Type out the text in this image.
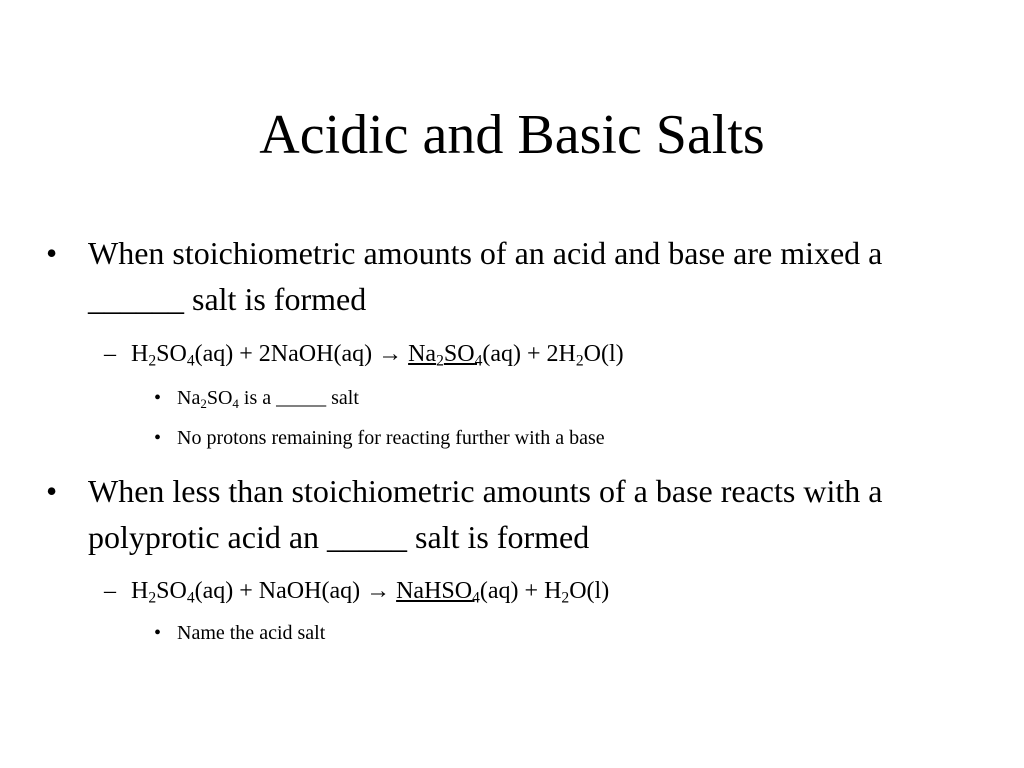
Acidic and Basic Salts
• When stoichiometric amounts of an acid and base are mixed a ______ salt is formed
– $H_2SO_4(aq)$ + 2NaOH(aq) → $Na_2SO_4(aq) + 2H_2O(l)$
• $Na_2SO_4$ is a _____ salt
• No protons remaining for reacting further with a base
• When less than stoichiometric amounts of a base reacts with a polyprotic acid an _____ salt is formed
– $H_2SO_4(aq)$ + NaOH(aq) → NaHSO$_4$(aq) + $H_2O(l)$
• Name the acid salt
